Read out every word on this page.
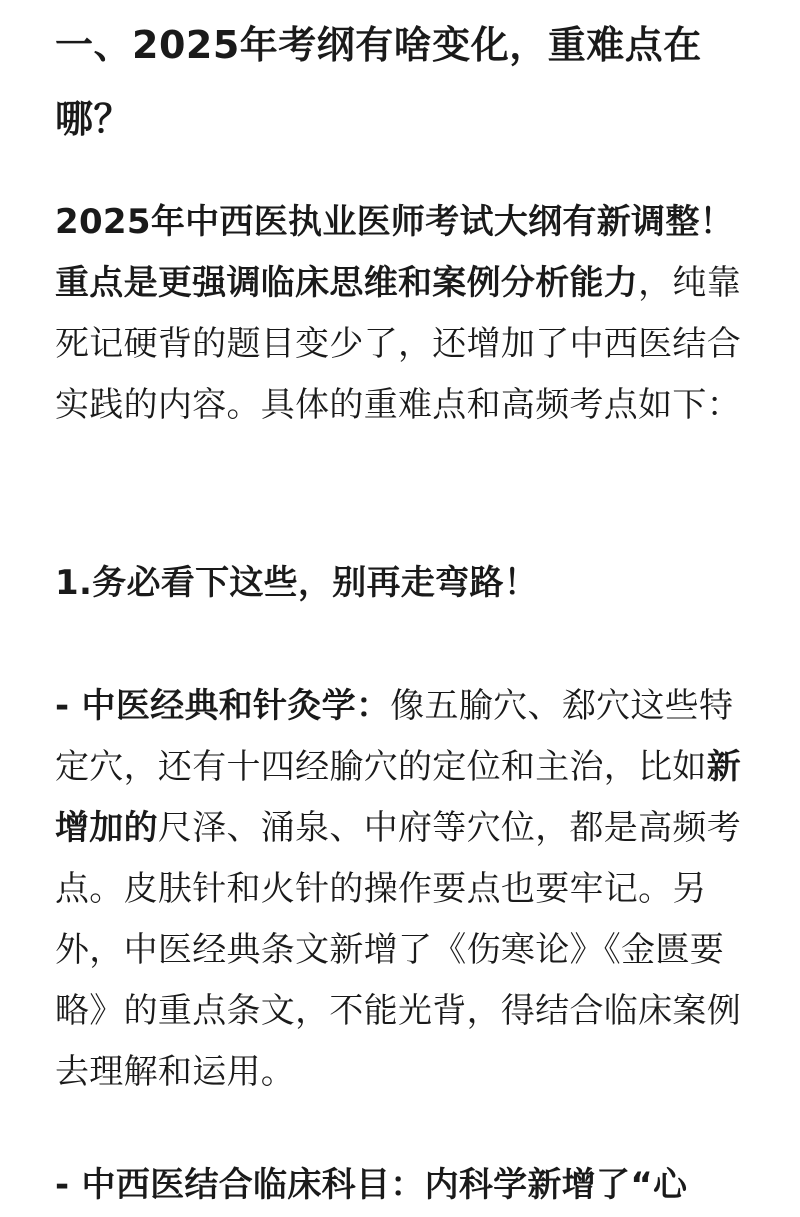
一、2025年考纲有啥变化，重难点在哪？

2025年中西医执业医师考试大纲有新调整！重点是更强调临床思维和案例分析能力，纯靠死记硬背的题目变少了，还增加了中西医结合实践的内容。具体的重难点和高频考点如下：

1.务必看下这些，别再走弯路！

- 中医经典和针灸学：像五腧穴、郄穴这些特定穴，还有十四经腧穴的定位和主治，比如新增加的尺泽、涌泉、中府等穴位，都是高频考点。皮肤针和火针的操作要点也要牢记。另外，中医经典条文新增了《伤寒论》《金匮要略》的重点条文，不能光背，得结合临床案例去理解和运用。

- 中西医结合临床科目：内科学新增了“心
